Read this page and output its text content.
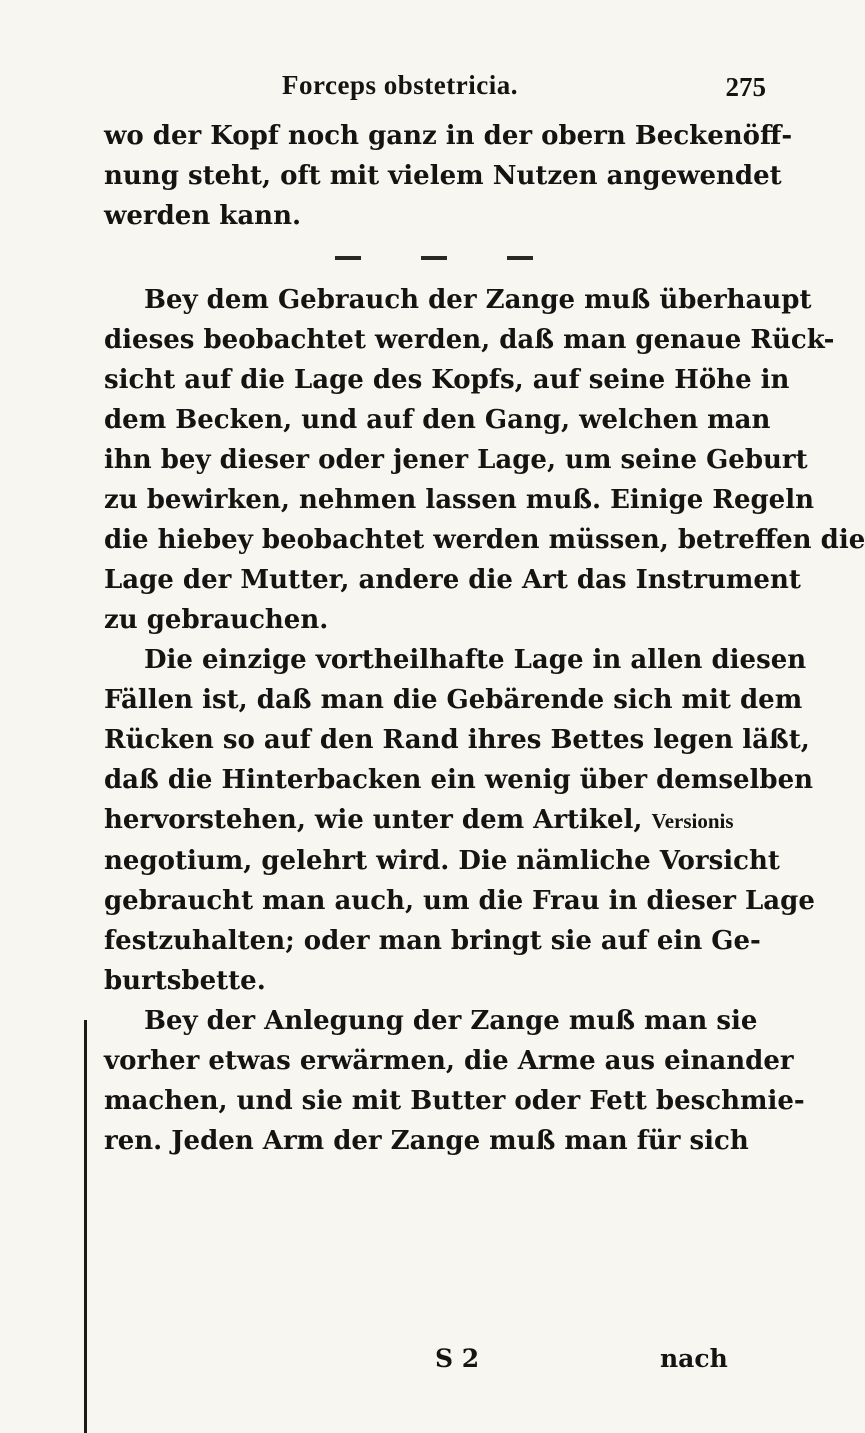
Forceps obstetricia.	275
wo der Kopf noch ganz in der obern Beckenöff-
nung steht, oft mit vielem Nutzen angewendet
werden kann.
Bey dem Gebrauch der Zange muß überhaupt
dieses beobachtet werden, daß man genaue Rück-
sicht auf die Lage des Kopfs, auf seine Höhe in
dem Becken, und auf den Gang, welchen man
ihn bey dieser oder jener Lage, um seine Geburt
zu bewirken, nehmen lassen muß. Einige Regeln
die hiebey beobachtet werden müssen, betreffen die
Lage der Mutter, andere die Art das Instrument
zu gebrauchen.
Die einzige vortheilhafte Lage in allen diesen
Fällen ist, daß man die Gebärende sich mit dem
Rücken so auf den Rand ihres Bettes legen läßt,
daß die Hinterbacken ein wenig über demselben
hervorstehen, wie unter dem Artikel, Versionis
negotium, gelehrt wird. Die nämliche Vorsicht
gebraucht man auch, um die Frau in dieser Lage
festzuhalten; oder man bringt sie auf ein Ge-
burtsbette.
Bey der Anlegung der Zange muß man sie
vorher etwas erwärmen, die Arme aus einander
machen, und sie mit Butter oder Fett beschmie-
ren. Jeden Arm der Zange muß man für sich
S 2	nach
